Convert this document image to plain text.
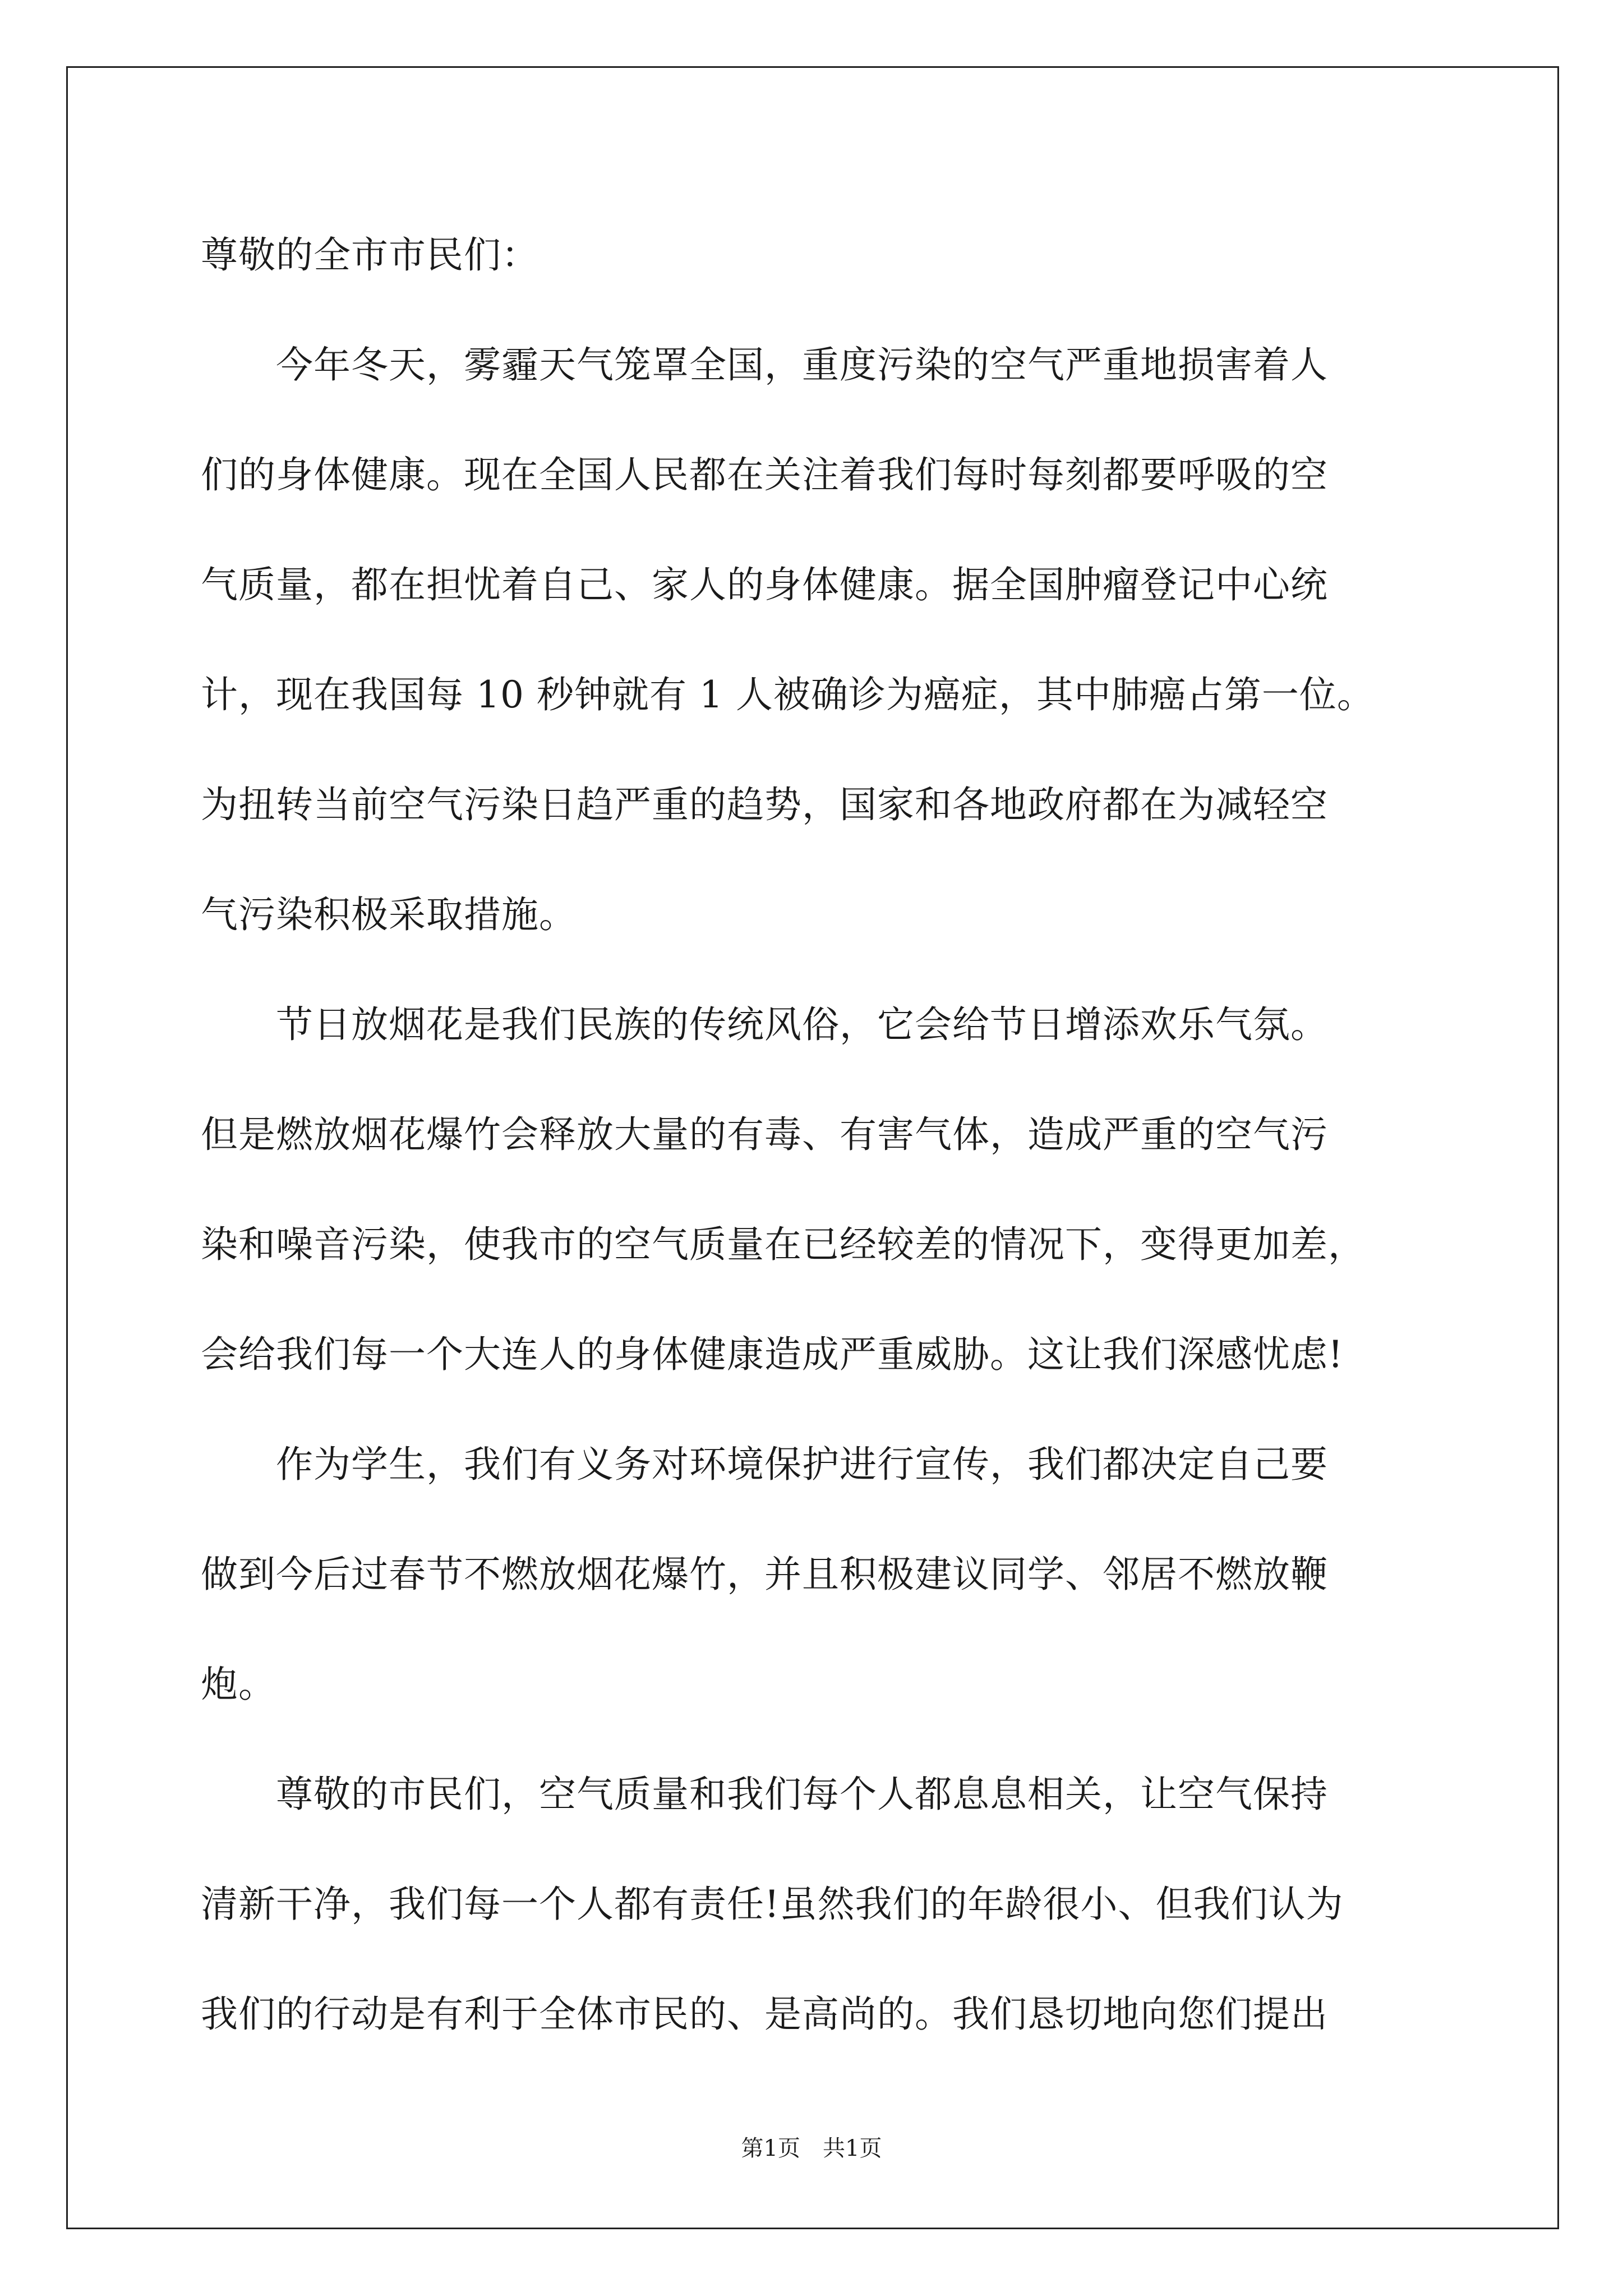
尊敬的全市市民们：
　　今年冬天，雾霾天气笼罩全国，重度污染的空气严重地损害着人
们的身体健康。现在全国人民都在关注着我们每时每刻都要呼吸的空
气质量，都在担忧着自己、家人的身体健康。据全国肿瘤登记中心统
计，现在我国每 10 秒钟就有 1 人被确诊为癌症，其中肺癌占第一位。
为扭转当前空气污染日趋严重的趋势，国家和各地政府都在为减轻空
气污染积极采取措施。
　　节日放烟花是我们民族的传统风俗，它会给节日增添欢乐气氛。
但是燃放烟花爆竹会释放大量的有毒、有害气体，造成严重的空气污
染和噪音污染，使我市的空气质量在已经较差的情况下，变得更加差，
会给我们每一个大连人的身体健康造成严重威胁。这让我们深感忧虑!
　　作为学生，我们有义务对环境保护进行宣传，我们都决定自己要
做到今后过春节不燃放烟花爆竹，并且积极建议同学、邻居不燃放鞭
炮。
　　尊敬的市民们，空气质量和我们每个人都息息相关，让空气保持
清新干净，我们每一个人都有责任!虽然我们的年龄很小、但我们认为
我们的行动是有利于全体市民的、是高尚的。我们恳切地向您们提出
第1页　共1页
